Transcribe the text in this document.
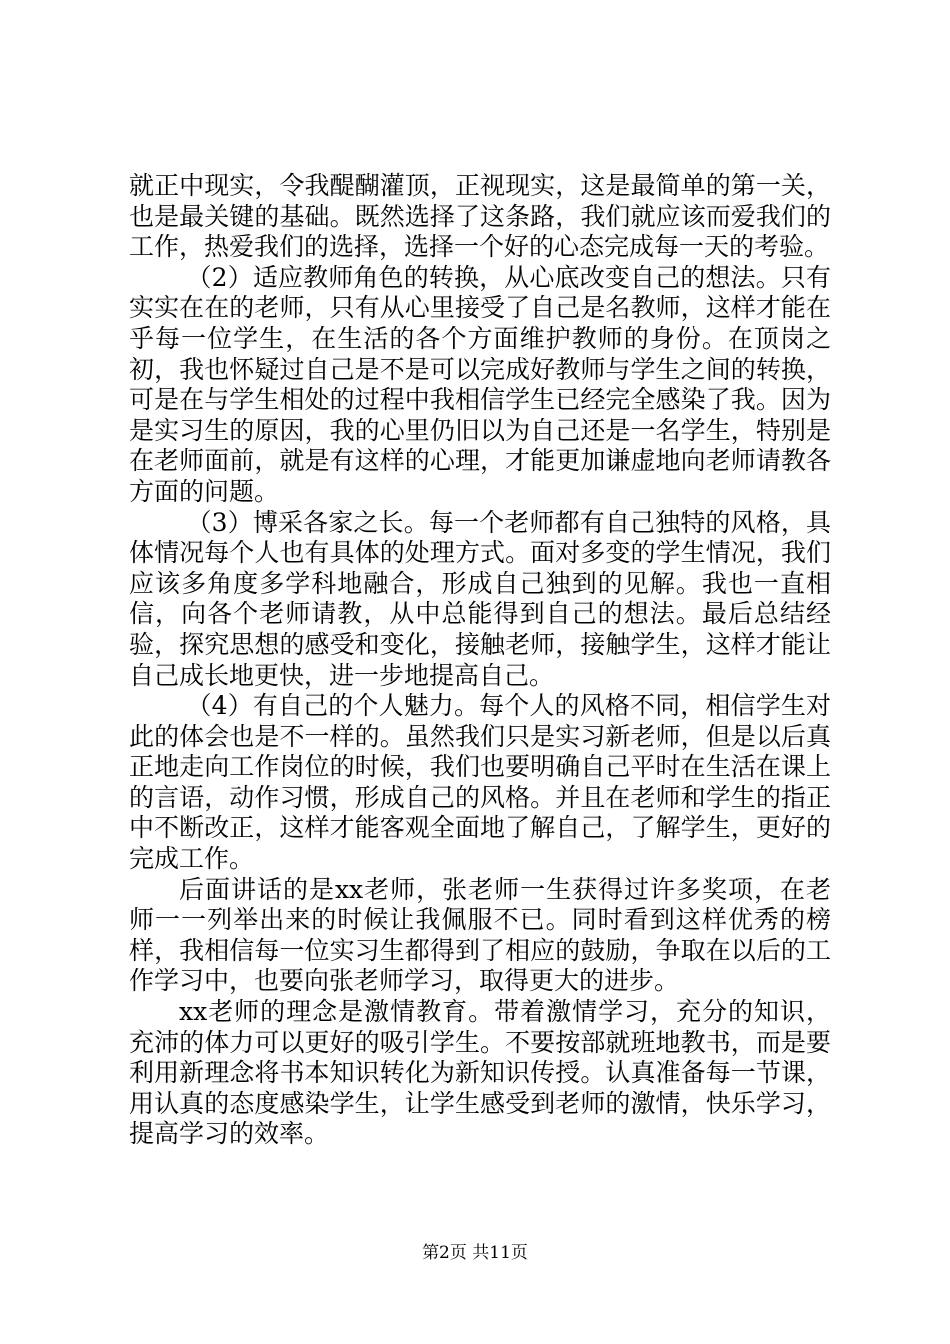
就正中现实，令我醍醐灌顶，正视现实，这是最简单的第一关，也是最关键的基础。既然选择了这条路，我们就应该而爱我们的工作，热爱我们的选择，选择一个好的心态完成每一天的考验。

（2）适应教师角色的转换，从心底改变自己的想法。只有实实在在的老师，只有从心里接受了自己是名教师，这样才能在乎每一位学生，在生活的各个方面维护教师的身份。在顶岗之初，我也怀疑过自己是不是可以完成好教师与学生之间的转换，可是在与学生相处的过程中我相信学生已经完全感染了我。因为是实习生的原因，我的心里仍旧以为自己还是一名学生，特别是在老师面前，就是有这样的心理，才能更加谦虚地向老师请教各方面的问题。

（3）博采各家之长。每一个老师都有自己独特的风格，具体情况每个人也有具体的处理方式。面对多变的学生情况，我们应该多角度多学科地融合，形成自己独到的见解。我也一直相信，向各个老师请教，从中总能得到自己的想法。最后总结经验，探究思想的感受和变化，接触老师，接触学生，这样才能让自己成长地更快，进一步地提高自己。

（4）有自己的个人魅力。每个人的风格不同，相信学生对此的体会也是不一样的。虽然我们只是实习新老师，但是以后真正地走向工作岗位的时候，我们也要明确自己平时在生活在课上的言语，动作习惯，形成自己的风格。并且在老师和学生的指正中不断改正，这样才能客观全面地了解自己，了解学生，更好的完成工作。

后面讲话的是xx老师，张老师一生获得过许多奖项，在老师一一列举出来的时候让我佩服不已。同时看到这样优秀的榜样，我相信每一位实习生都得到了相应的鼓励，争取在以后的工作学习中，也要向张老师学习，取得更大的进步。

xx老师的理念是激情教育。带着激情学习，充分的知识，充沛的体力可以更好的吸引学生。不要按部就班地教书，而是要利用新理念将书本知识转化为新知识传授。认真准备每一节课，用认真的态度感染学生，让学生感受到老师的激情，快乐学习，提高学习的效率。

第2页 共11页
